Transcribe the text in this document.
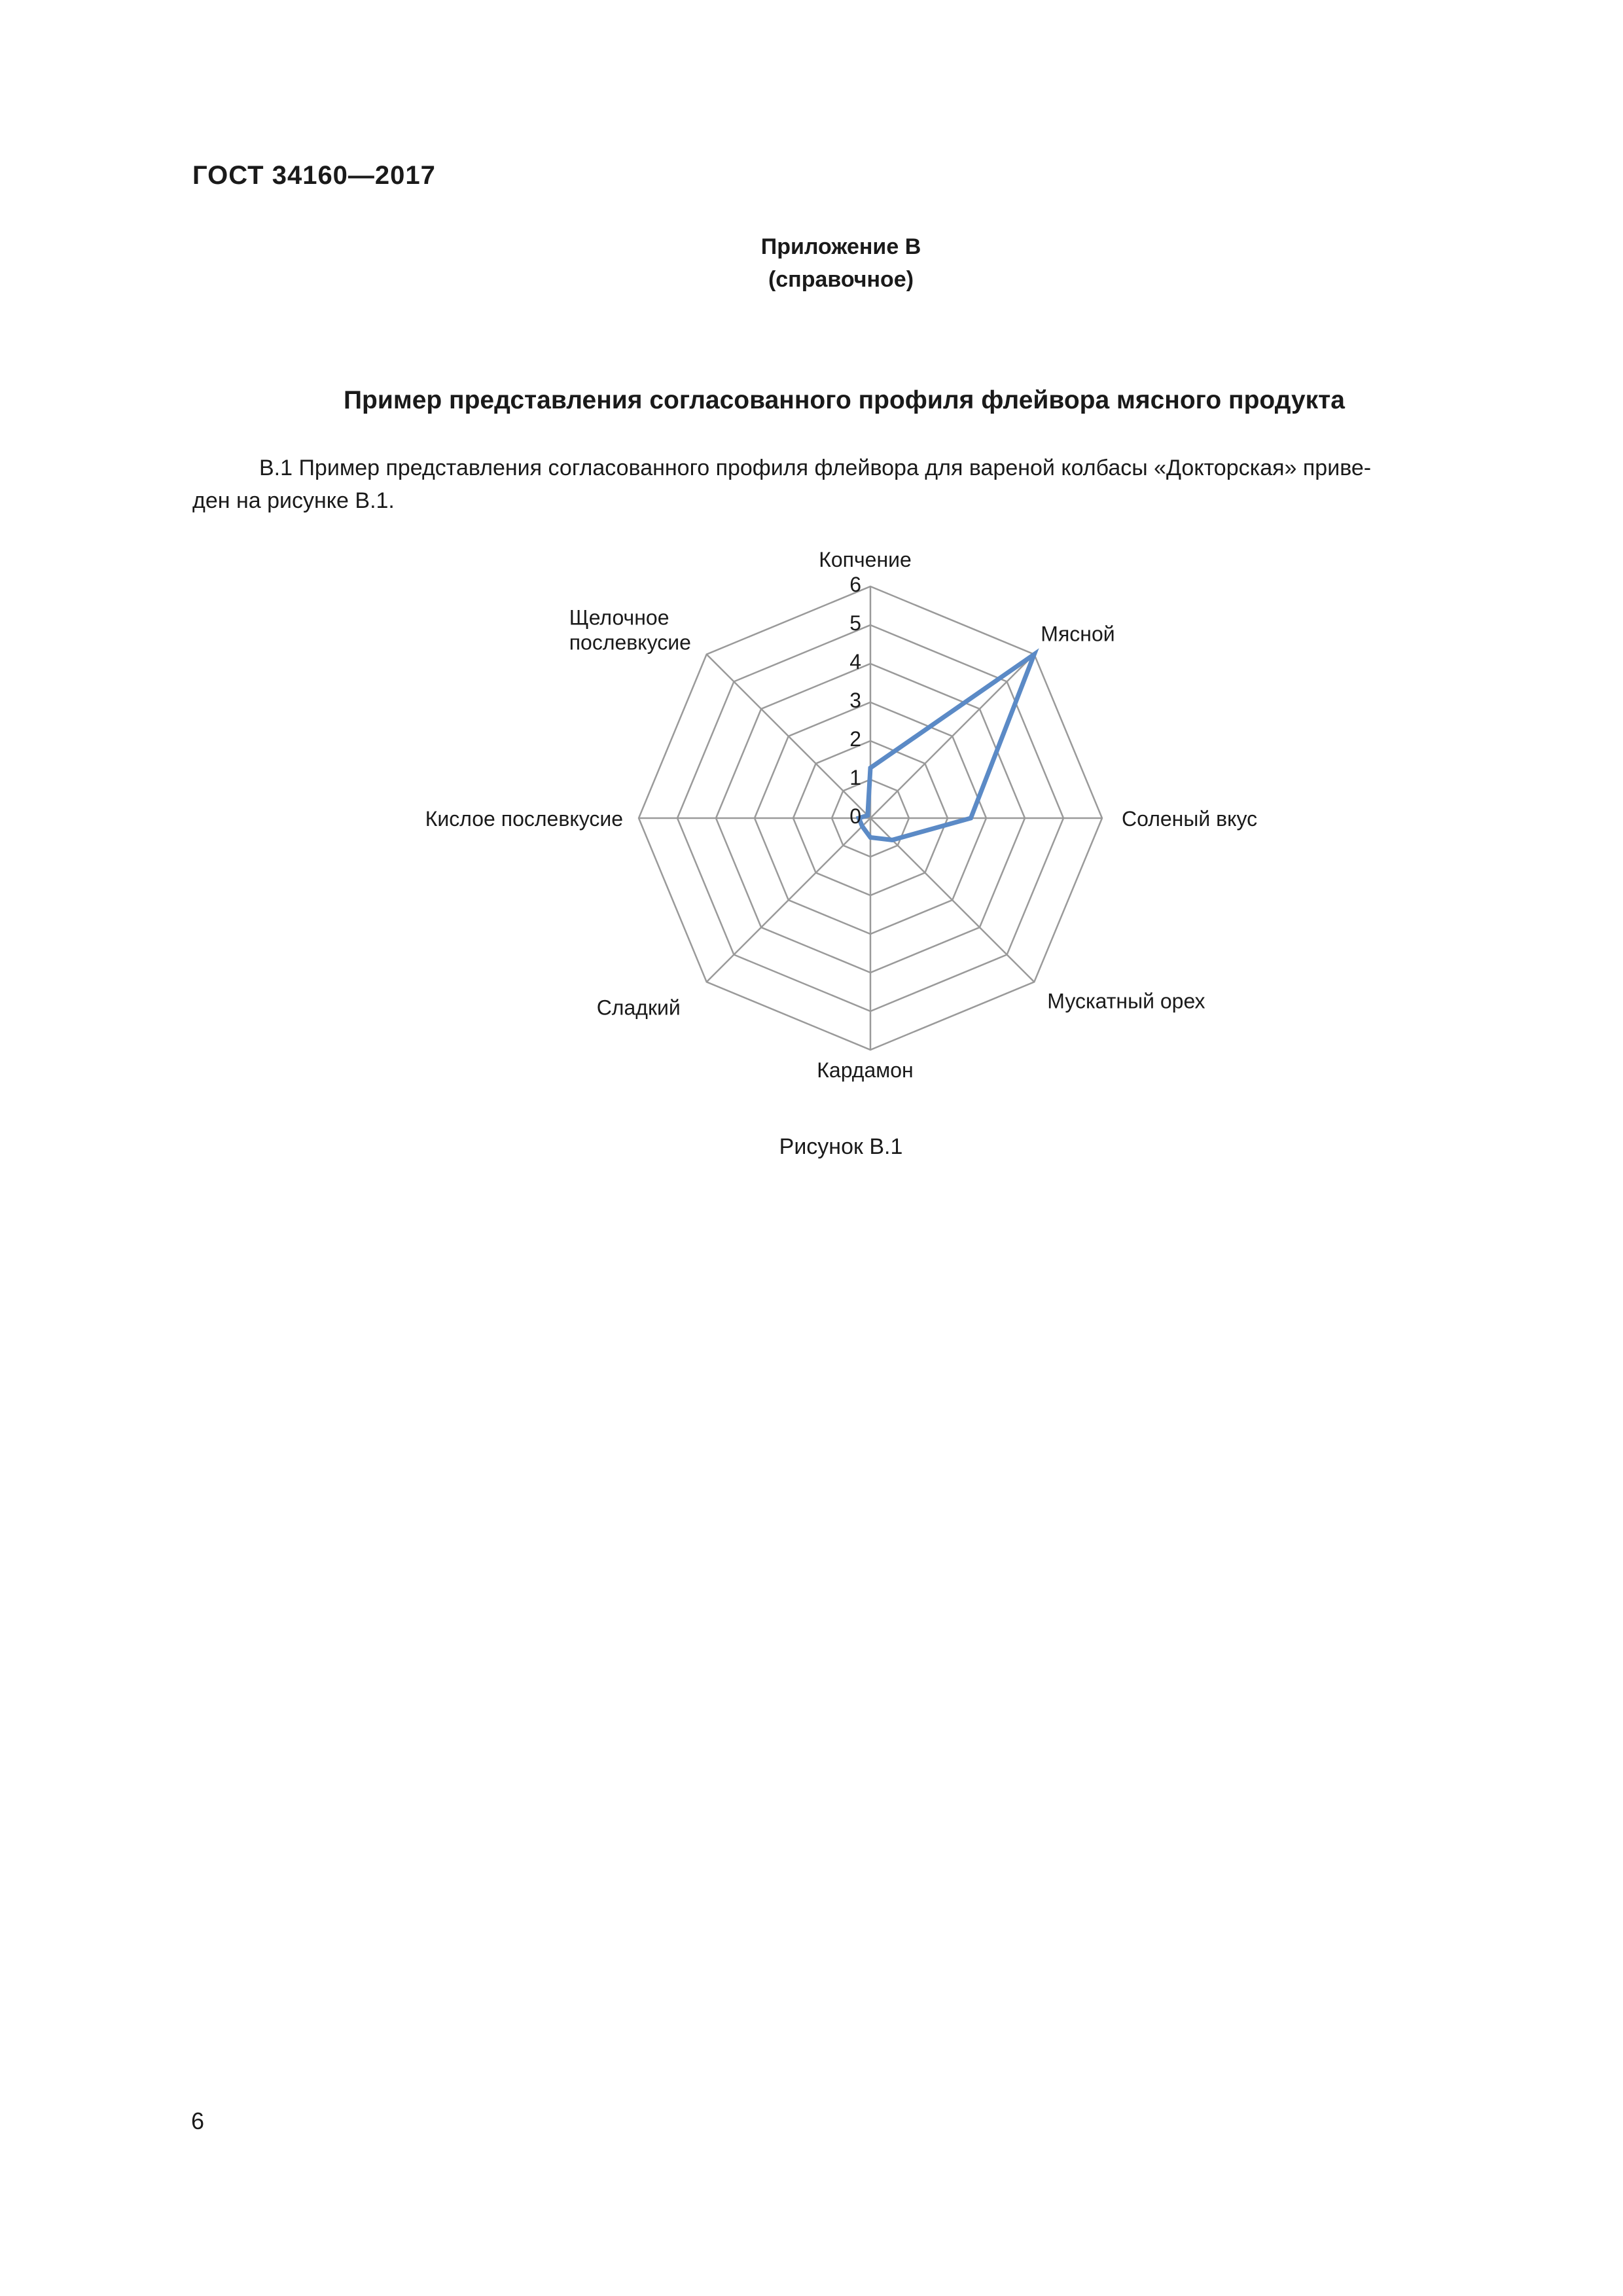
ГОСТ 34160—2017
Приложение В
(справочное)
Пример представления согласованного профиля флейвора мясного продукта
В.1 Пример представления согласованного профиля флейвора для вареной колбасы «Докторская» приве-
ден на рисунке В.1.
0
1
2
3
4
5
6
Копчение
Мясной
Соленый вкус
Мускатный орех
Кардамон
Сладкий
Кислое послевкусие
Щелочное
послевкусие
Рисунок В.1
6
